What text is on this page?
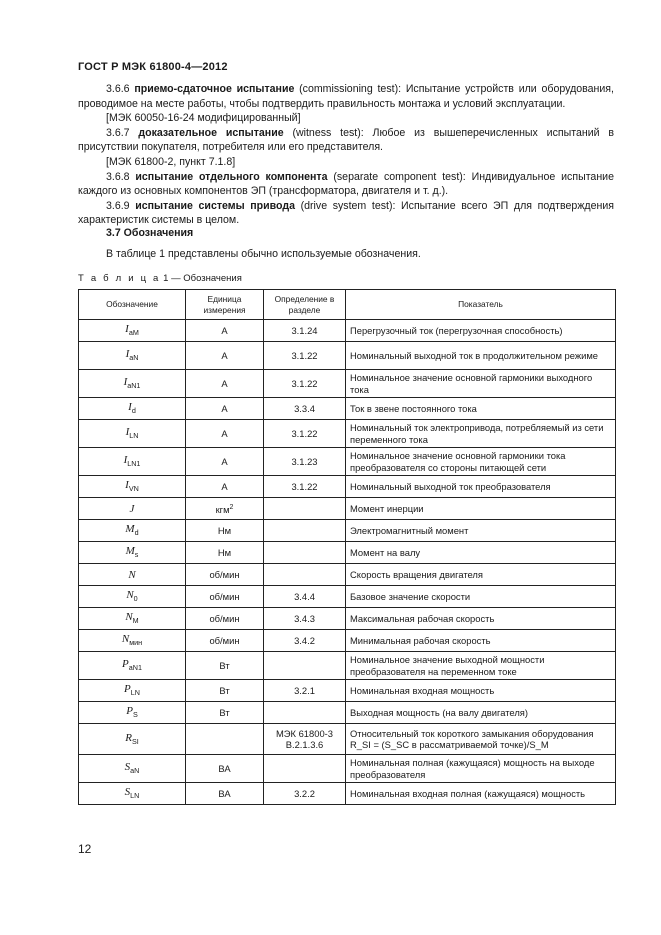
ГОСТ Р МЭК 61800-4—2012

3.6.6 приемо-сдаточное испытание (commissioning test): Испытание устройств или оборудования, проводимое на месте работы, чтобы подтвердить правильность монтажа и условий эксплуатации.

[МЭК 60050-16-24 модифицированный]

3.6.7 доказательное испытание (witness test): Любое из вышеперечисленных испытаний в присутствии покупателя, потребителя или его представителя.

[МЭК 61800-2, пункт 7.1.8]

3.6.8 испытание отдельного компонента (separate component test): Индивидуальное испытание каждого из основных компонентов ЭП (трансформатора, двигателя и т. д.).

3.6.9 испытание системы привода (drive system test): Испытание всего ЭП для подтверждения характеристик системы в целом.

3.7 Обозначения
В таблице 1 представлены обычно используемые обозначения.
Т а б л и ц а 1 — Обозначения
Обозначение	Единица измерения	Определение в разделе	Показатель
$I_{aM}$	А	3.1.24	Перегрузочный ток (перегрузочная способность)
$I_{aN}$	А	3.1.22	Номинальный выходной ток в продолжительном режиме
$I_{aN1}$	А	3.1.22	Номинальное значение основной гармоники выходного тока
$I_d$	А	3.3.4	Ток в звене постоянного тока
$I_{LN}$	А	3.1.22	Номинальный ток электропривода, потребляемый из сети переменного тока
$I_{LN1}$	А	3.1.23	Номинальное значение основной гармоники тока преобразователя со стороны питающей сети
$I_{VN}$	А	3.1.22	Номинальный выходной ток преобразователя
J	кгм$^2$		Момент инерции
$M_d$	Нм		Электромагнитный момент
$M_s$	Нм		Момент на валу
N	об/мин		Скорость вращения двигателя
$N_0$	об/мин	3.4.4	Базовое значение скорости
$N_M$	об/мин	3.4.3	Максимальная рабочая скорость
$N_{мин}$	об/мин	3.4.2	Минимальная рабочая скорость
$P_{aN1}$	Вт		Номинальное значение выходной мощности преобразователя на переменном токе
$P_{LN}$	Вт	3.2.1	Номинальная входная мощность
$P_S$	Вт		Выходная мощность (на валу двигателя)
$R_{SI}$		МЭК 61800-3 В.2.1.3.6	Относительный ток короткого замыкания оборудования R_SI = (S_SC в рассматриваемой точке)/S_M
$S_{aN}$	ВА		Номинальная полная (кажущаяся) мощность на выходе преобразователя
$S_{LN}$	ВА	3.2.2	Номинальная входная полная (кажущаяся) мощность
12
